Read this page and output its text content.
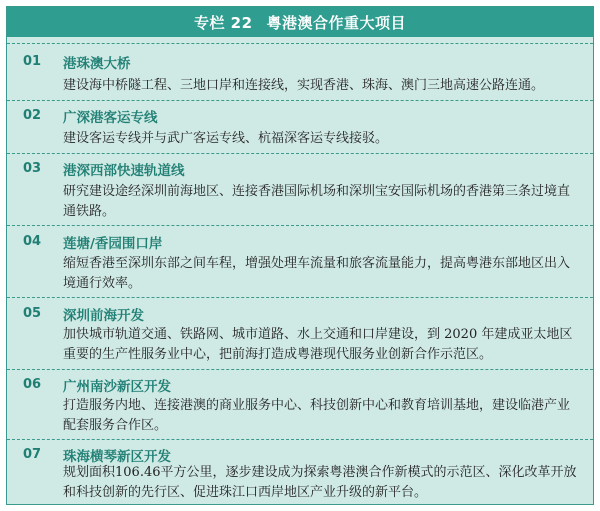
专栏 22 粤港澳合作重大项目
01	港珠澳大桥
建设海中桥隧工程、三地口岸和连接线，实现香港、珠海、澳门三地高速公路连通。
02	广深港客运专线
建设客运专线并与武广客运专线、杭福深客运专线接驳。
03	港深西部快速轨道线
研究建设途经深圳前海地区、连接香港国际机场和深圳宝安国际机场的香港第三条过境直通铁路。
04	莲塘/香园围口岸
缩短香港至深圳东部之间车程，增强处理车流量和旅客流量能力，提高粤港东部地区出入境通行效率。
05	深圳前海开发
加快城市轨道交通、铁路网、城市道路、水上交通和口岸建设，到 2020 年建成亚太地区重要的生产性服务业中心，把前海打造成粤港现代服务业创新合作示范区。
06	广州南沙新区开发
打造服务内地、连接港澳的商业服务中心、科技创新中心和教育培训基地，建设临港产业配套服务合作区。
07	珠海横琴新区开发
规划面积106.46平方公里，逐步建设成为探索粤港澳合作新模式的示范区、深化改革开放和科技创新的先行区、促进珠江口西岸地区产业升级的新平台。
